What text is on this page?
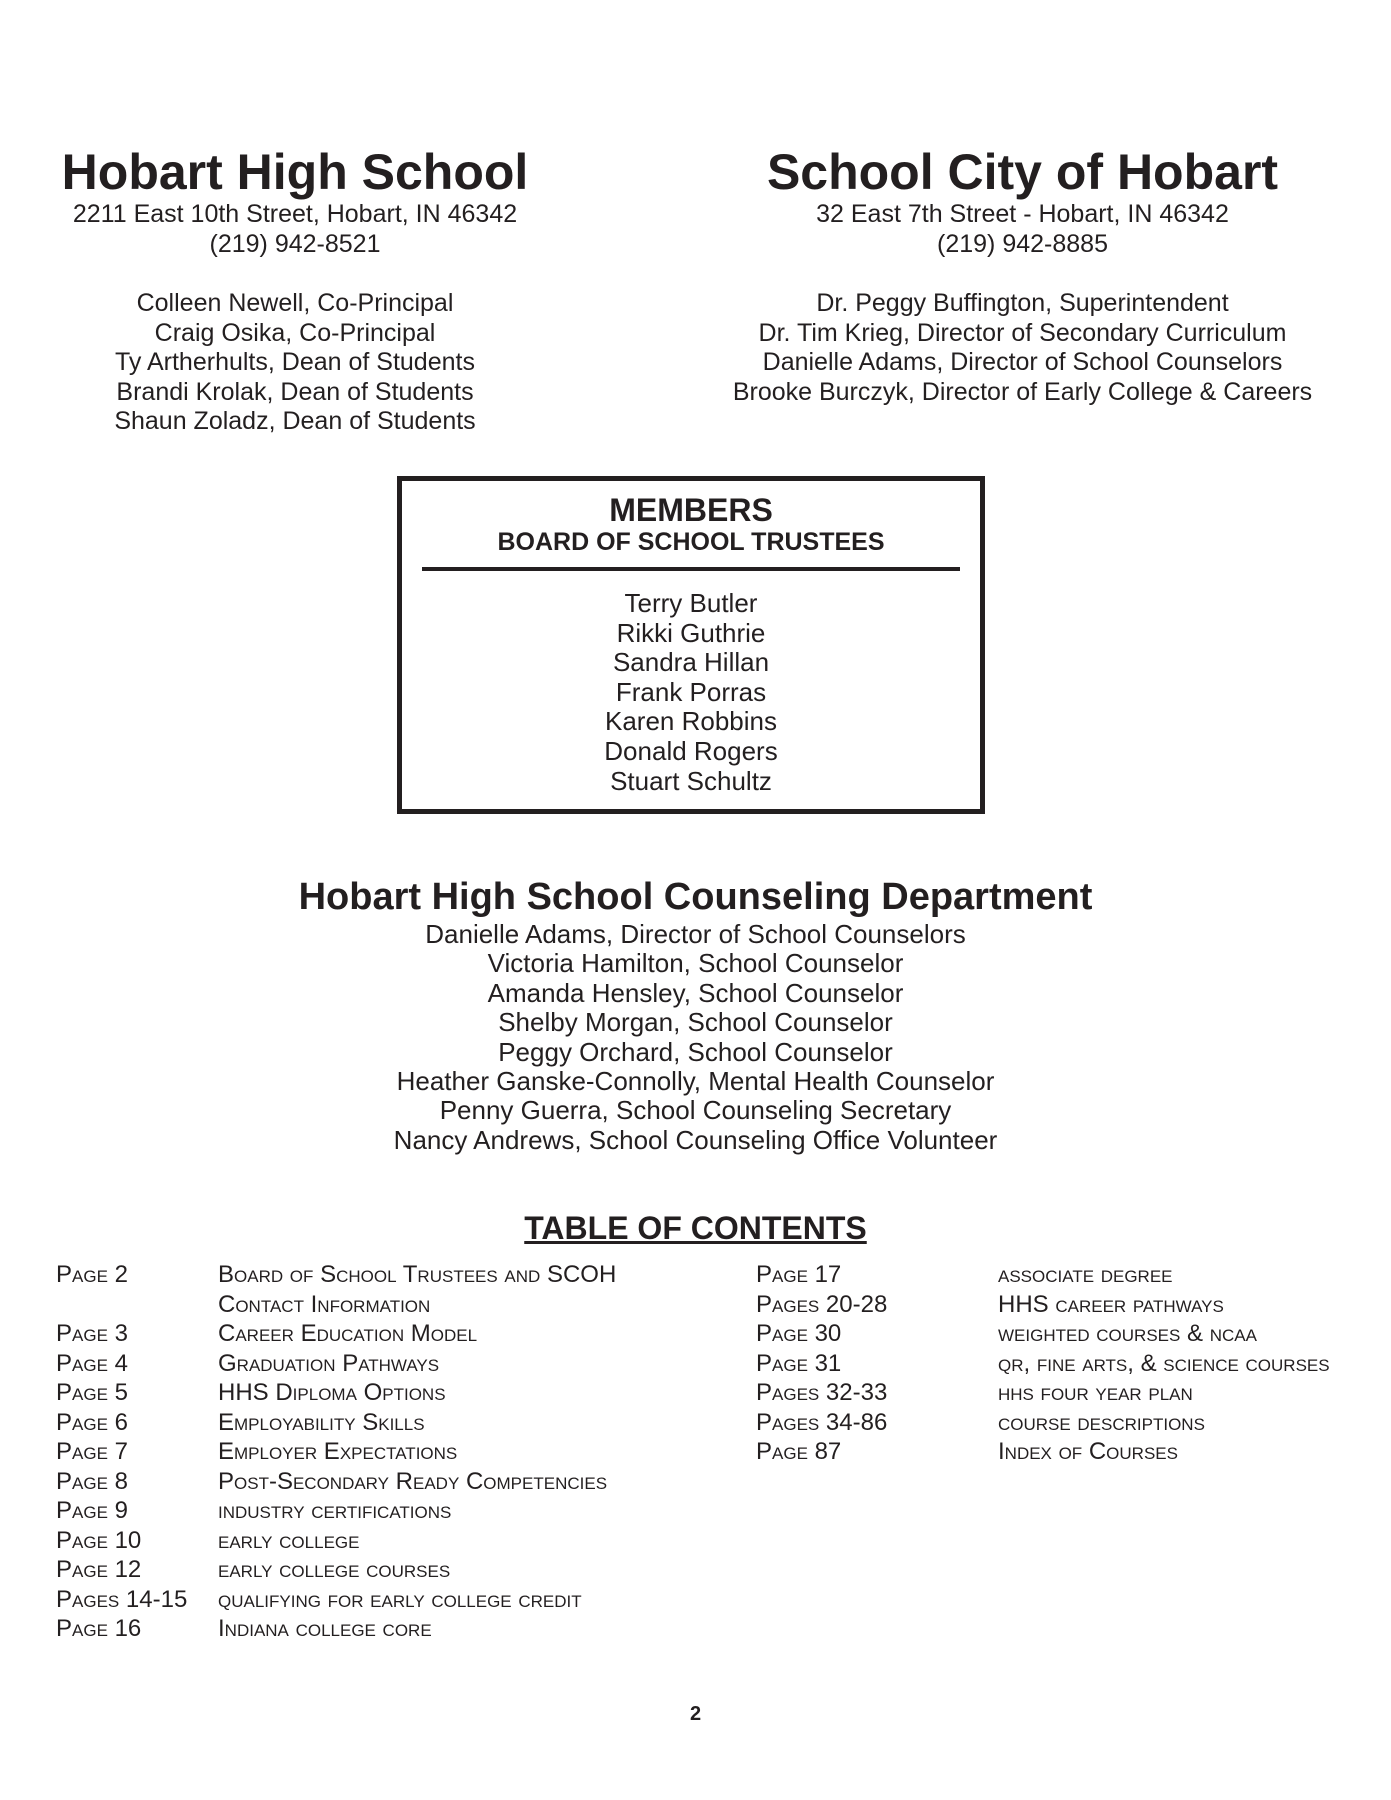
Hobart High School
2211 East 10th Street, Hobart, IN 46342
(219) 942-8521
Colleen Newell, Co-Principal
Craig Osika, Co-Principal
Ty Artherhults, Dean of Students
Brandi Krolak, Dean of Students
Shaun Zoladz, Dean of Students
School City of Hobart
32 East 7th Street - Hobart, IN 46342
(219) 942-8885
Dr. Peggy Buffington, Superintendent
Dr. Tim Krieg, Director of Secondary Curriculum
Danielle Adams, Director of School Counselors
Brooke Burczyk, Director of Early College & Careers
MEMBERS
BOARD OF SCHOOL TRUSTEES
Terry Butler
Rikki Guthrie
Sandra Hillan
Frank Porras
Karen Robbins
Donald Rogers
Stuart Schultz
Hobart High School Counseling Department
Danielle Adams, Director of School Counselors
Victoria Hamilton, School Counselor
Amanda Hensley, School Counselor
Shelby Morgan, School Counselor
Peggy Orchard, School Counselor
Heather Ganske-Connolly, Mental Health Counselor
Penny Guerra, School Counseling Secretary
Nancy Andrews, School Counseling Office Volunteer
TABLE OF CONTENTS
Page 2	Board of School Trustees and SCOH
Contact Information
Page 3	Career Education Model
Page 4	Graduation Pathways
Page 5	HHS Diploma Options
Page 6	Employability Skills
Page 7	Employer Expectations
Page 8	Post-Secondary Ready Competencies
Page 9	industry certifications
Page 10	early college
Page 12	early college courses
Pages 14-15	qualifying for early college credit
Page 16	Indiana college core
Page 17	associate degree
Pages 20-28	HHS career pathways
Page 30	weighted courses & ncaa
Page 31	qr, fine arts, & science courses
Pages 32-33	hhs four year plan
Pages 34-86	course descriptions
Page 87	Index of Courses
2
